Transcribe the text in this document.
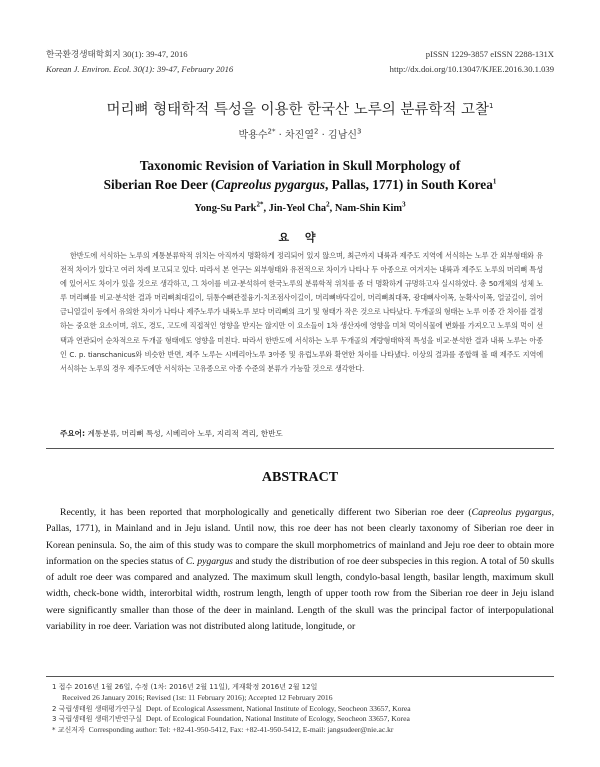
한국환경생태학회지 30(1): 39-47, 2016
Korean J. Environ. Ecol. 30(1): 39-47, February 2016
pISSN 1229-3857 eISSN 2288-131X
http://dx.doi.org/10.13047/KJEE.2016.30.1.039
머리뼈 형태학적 특성을 이용한 한국산 노루의 분류학적 고찰$^1$
박용수$^{2*}$ · 차진열$^2$ · 김남신$^3$
Taxonomic Revision of Variation in Skull Morphology of
Siberian Roe Deer (Capreolus pygargus, Pallas, 1771) in South Korea$^1$
Yong-Su Park$^{2*}$, Jin-Yeol Cha$^2$, Nam-Shin Kim$^3$
요 약

한반도에 서식하는 노루의 계통분류학적 위치는 아직까지 명확하게 정리되어 있지 않으며, 최근까지 내륙과 제주도 지역에 서식하는 노루 간 외부형태와 유전적 차이가 있다고 여러 차례 보고되고 있다. 따라서 본 연구는 외부형태와 유전적으로 차이가 나타나 두 아종으로 여겨지는 내륙과 제주도 노루의 머리뼈 특성에 있어서도 차이가 있을 것으로 생각하고, 그 차이를 비교·분석하여 한국노루의 분류학적 위치를 좀 더 명확하게 규명하고자 실시하였다. 총 50개체의 성체 노루 머리뼈를 비교·분석한 결과 머리뼈최대길이, 뒤통수뼈관절융기-치조점사이길이, 머리뼈바닥길이, 머리뼈최대폭, 광대뼈사이폭, 눈확사이폭, 얼굴길이, 위어금니열길이 등에서 유의한 차이가 나타나 제주노루가 내륙노루 보다 머리뼈의 크기 및 형태가 작은 것으로 나타났다. 두개골의 형태는 노루 이종 간 차이를 결정하는 중요한 요소이며, 위도, 경도, 고도에 직접적인 영향을 받지는 않지만 이 요소들이 1차 생산자에 영향을 미쳐 먹이식물에 변화를 가져오고 노루의 먹이 선택과 연관되어 순차적으로 두개골 형태에도 영향을 미친다. 따라서 한반도에 서식하는 노루 두개골의 계량형태학적 특성을 비교·분석한 결과 내륙 노루는 아종인 C. p. tianschanicus와 비슷한 반면, 제주 노루는 시베리아노루 3아종 및 유럽노루와 확연한 차이를 나타냈다. 이상의 결과를 종합해 볼 때 제주도 지역에 서식하는 노루의 경우 제주도에만 서식하는 고유종으로 아종 수준의 분류가 가능할 것으로 생각한다.

주요어: 계통분류, 머리뼈 특성, 시베리아 노루, 지리적 격리, 한반도
ABSTRACT

Recently, it has been reported that morphologically and genetically different two Siberian roe deer (Capreolus pygargus, Pallas, 1771), in Mainland and in Jeju island. Until now, this roe deer has not been clearly taxonomy of Siberian roe deer in Korean peninsula. So, the aim of this study was to compare the skull morphometrics of mainland and Jeju roe deer to obtain more information on the species status of C. pygargus and study the distribution of roe deer subspecies in this region. A total of 50 skulls of adult roe deer was compared and analyzed. The maximum skull length, condylo-basal length, basilar length, maximum skull width, check-bone width, interorbital width, rostrum length, length of upper tooth row from the Siberian roe deer in Jeju island were significantly smaller than those of the deer in mainland. Length of the skull was the principal factor of interpopulational variability in roe deer. Variation was not distributed along latitude, longitude, or

1 접수 2016년 1월 26일, 수정 (1차: 2016년 2월 11일), 게재확정 2016년 2월 12일
Received 26 January 2016; Revised (1st: 11 February 2016); Accepted 12 February 2016
2 국립생태원 생태평가연구실 Dept. of Ecological Assessment, National Institute of Ecology, Seocheon 33657, Korea
3 국립생태원 생태기반연구실 Dept. of Ecological Foundation, National Institute of Ecology, Seocheon 33657, Korea
* 교신저자 Corresponding author: Tel: +82-41-950-5412, Fax: +82-41-950-5412, E-mail: jangsudeer@nie.ac.kr
